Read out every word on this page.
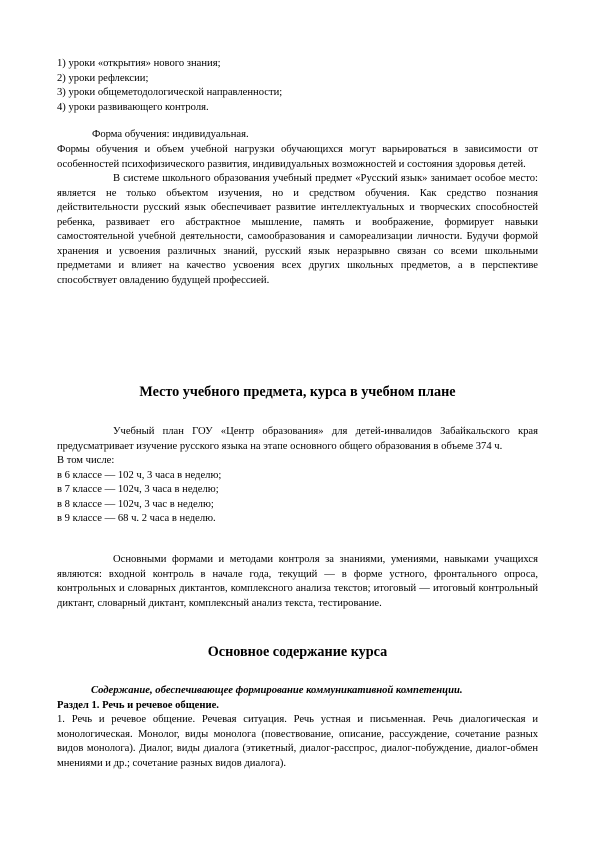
1) уроки «открытия» нового знания;
2) уроки рефлексии;
3) уроки общеметодологической направленности;
4) уроки развивающего контроля.

Форма обучения: индивидуальная.

Формы обучения и объем учебной нагрузки обучающихся могут варьироваться в зависимости от особенностей психофизического развития, индивидуальных возможностей и состояния здоровья детей.

В системе школьного образования учебный предмет «Русский язык» занимает особое место: является не только объектом изучения, но и средством обучения. Как средство познания действительности русский язык обеспечивает развитие интеллектуальных и творческих способностей ребенка, развивает его абстрактное мышление, память и воображение, формирует навыки самостоятельной учебной деятельности, самообразования и самореализации личности. Будучи формой хранения и усвоения различных знаний, русский язык неразрывно связан со всеми школьными предметами и влияет на качество усвоения всех других школьных предметов, а в перспективе способствует овладению будущей профессией.

Место учебного предмета, курса в учебном плане

Учебный план ГОУ «Центр образования» для детей-инвалидов Забайкальского края предусматривает изучение русского языка на этапе основного общего образования в объеме 374 ч.

В том числе:
в 6 классе — 102 ч, 3 часа в неделю;
в 7 классе — 102ч, 3 часа в неделю;
в 8 классе — 102ч, 3 час в неделю;
в 9 классе — 68 ч. 2 часа в неделю.

Основными формами и методами контроля за знаниями, умениями, навыками учащихся являются: входной контроль в начале года, текущий — в форме устного, фронтального опроса, контрольных и словарных диктантов, комплексного анализа текстов; итоговый — итоговый контрольный диктант, словарный диктант, комплексный анализ текста, тестирование.

Основное содержание курса

Содержание, обеспечивающее формирование коммуникативной компетенции.

Раздел 1. Речь и речевое общение.

1. Речь и речевое общение. Речевая ситуация. Речь устная и письменная. Речь диалогическая и монологическая. Монолог, виды монолога (повествование, описание, рассуждение, сочетание разных видов монолога). Диалог, виды диалога (этикетный, диалог-расспрос, диалог-побуждение, диалог-обмен мнениями и др.; сочетание разных видов диалога).
